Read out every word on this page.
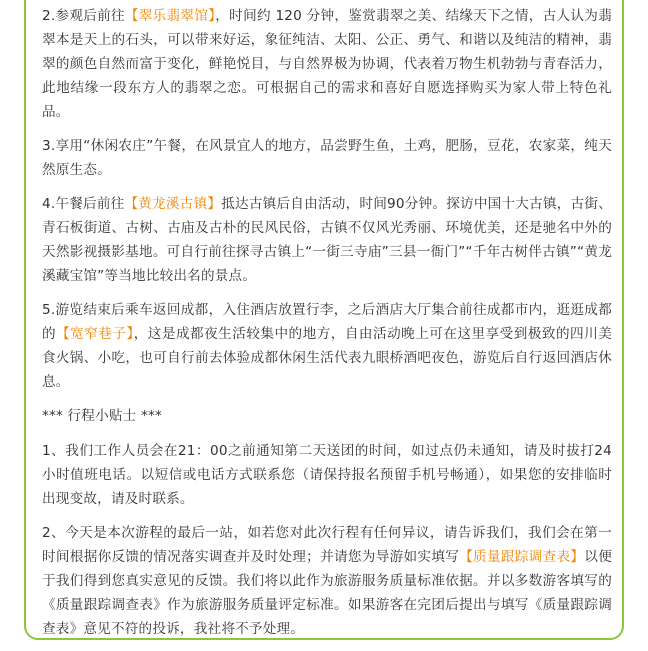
2.参观后前往【翠乐翡翠馆】，时间约 120 分钟，鉴赏翡翠之美、结缘天下之情，古人认为翡翠本是天上的石头，可以带来好运，象征纯洁、太阳、公正、勇气、和谐以及纯洁的精神，翡翠的颜色自然而富于变化，鲜艳悦目，与自然界极为协调，代表着万物生机勃勃与青春活力，此地结缘一段东方人的翡翠之恋。可根据自己的需求和喜好自愿选择购买为家人带上特色礼品。

3.享用“休闲农庄”午餐，在风景宜人的地方，品尝野生鱼，土鸡，肥肠，豆花，农家菜，纯天然原生态。

4.午餐后前往【黄龙溪古镇】抵达古镇后自由活动，时间90分钟。探访中国十大古镇，古街、青石板街道、古树、古庙及古朴的民风民俗，古镇不仅风光秀丽、环境优美，还是驰名中外的天然影视摄影基地。可自行前往探寻古镇上“一街三寺庙”三县一衙门”“千年古树伴古镇”“黄龙溪藏宝馆”等当地比较出名的景点。

5.游览结束后乘车返回成都，入住酒店放置行李，之后酒店大厅集合前往成都市内，逛逛成都的【宽窄巷子】，这是成都夜生活较集中的地方，自由活动晚上可在这里享受到极致的四川美食火锅、小吃，也可自行前去体验成都休闲生活代表九眼桥酒吧夜色，游览后自行返回酒店休息。

*** 行程小贴士 ***

1、我们工作人员会在21：00之前通知第二天送团的时间，如过点仍未通知，请及时拔打24小时值班电话。以短信或电话方式联系您（请保持报名预留手机号畅通），如果您的安排临时出现变故，请及时联系。

2、今天是本次游程的最后一站，如若您对此次行程有任何异议，请告诉我们，我们会在第一时间根据你反馈的情况落实调查并及时处理；并请您为导游如实填写【质量跟踪调查表】以便于我们得到您真实意见的反馈。我们将以此作为旅游服务质量标准依据。并以多数游客填写的《质量跟踪调查表》作为旅游服务质量评定标准。如果游客在完团后提出与填写《质量跟踪调查表》意见不符的投诉，我社将不予处理。
